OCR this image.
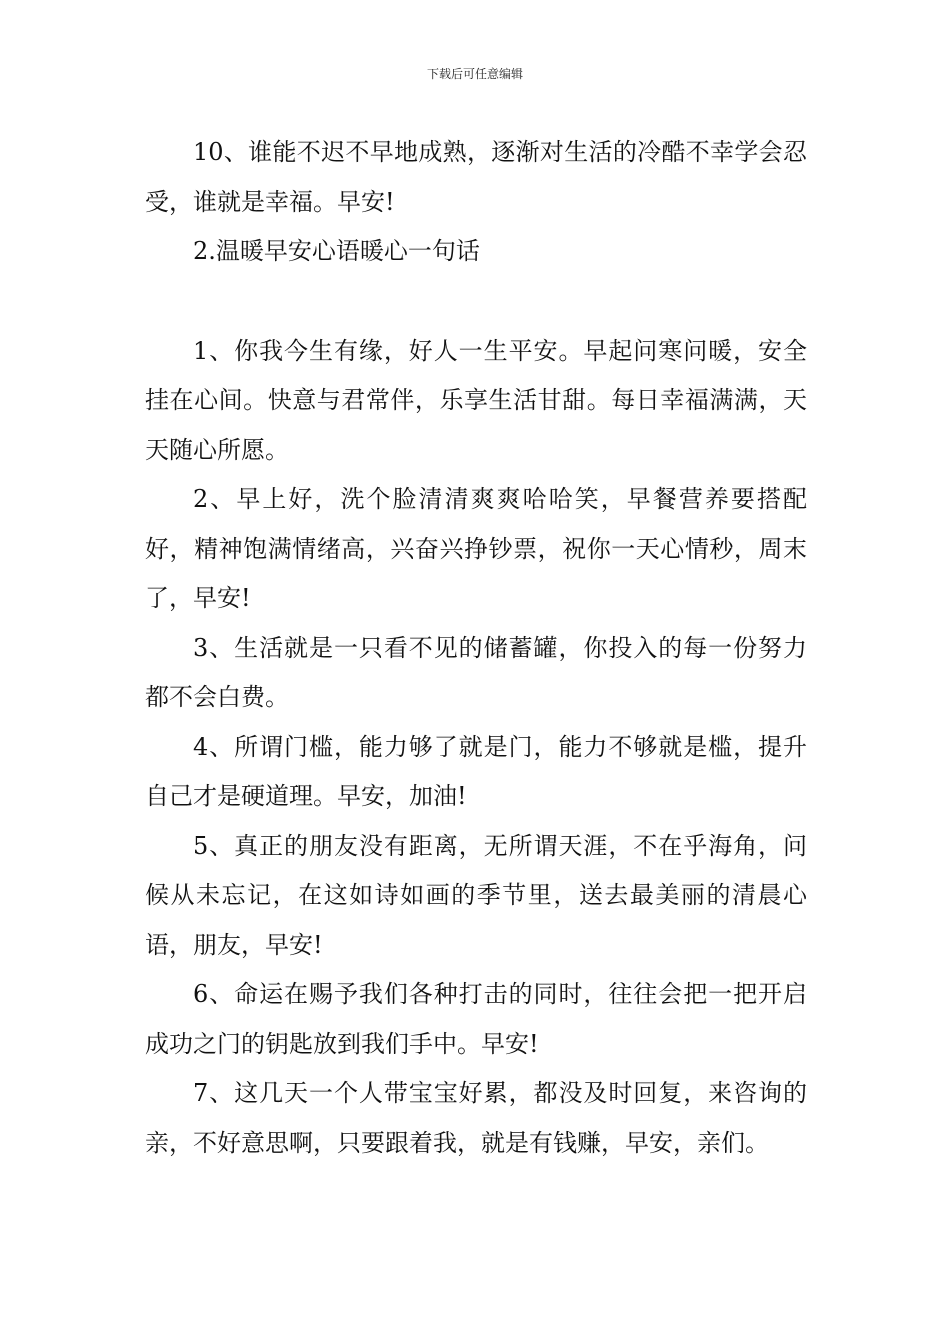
下载后可任意编辑

10、谁能不迟不早地成熟，逐渐对生活的冷酷不幸学会忍受，谁就是幸福。早安!

2.温暖早安心语暖心一句话

1、你我今生有缘，好人一生平安。早起问寒问暖，安全挂在心间。快意与君常伴，乐享生活甘甜。每日幸福满满，天天随心所愿。

2、早上好，洗个脸清清爽爽哈哈笑，早餐营养要搭配好，精神饱满情绪高，兴奋兴挣钞票，祝你一天心情秒，周末了，早安!

3、生活就是一只看不见的储蓄罐，你投入的每一份努力都不会白费。

4、所谓门槛，能力够了就是门，能力不够就是槛，提升自己才是硬道理。早安，加油!

5、真正的朋友没有距离，无所谓天涯，不在乎海角，问候从未忘记，在这如诗如画的季节里，送去最美丽的清晨心语，朋友，早安!

6、命运在赐予我们各种打击的同时，往往会把一把开启成功之门的钥匙放到我们手中。早安!

7、这几天一个人带宝宝好累，都没及时回复，来咨询的亲，不好意思啊，只要跟着我，就是有钱赚，早安，亲们。
